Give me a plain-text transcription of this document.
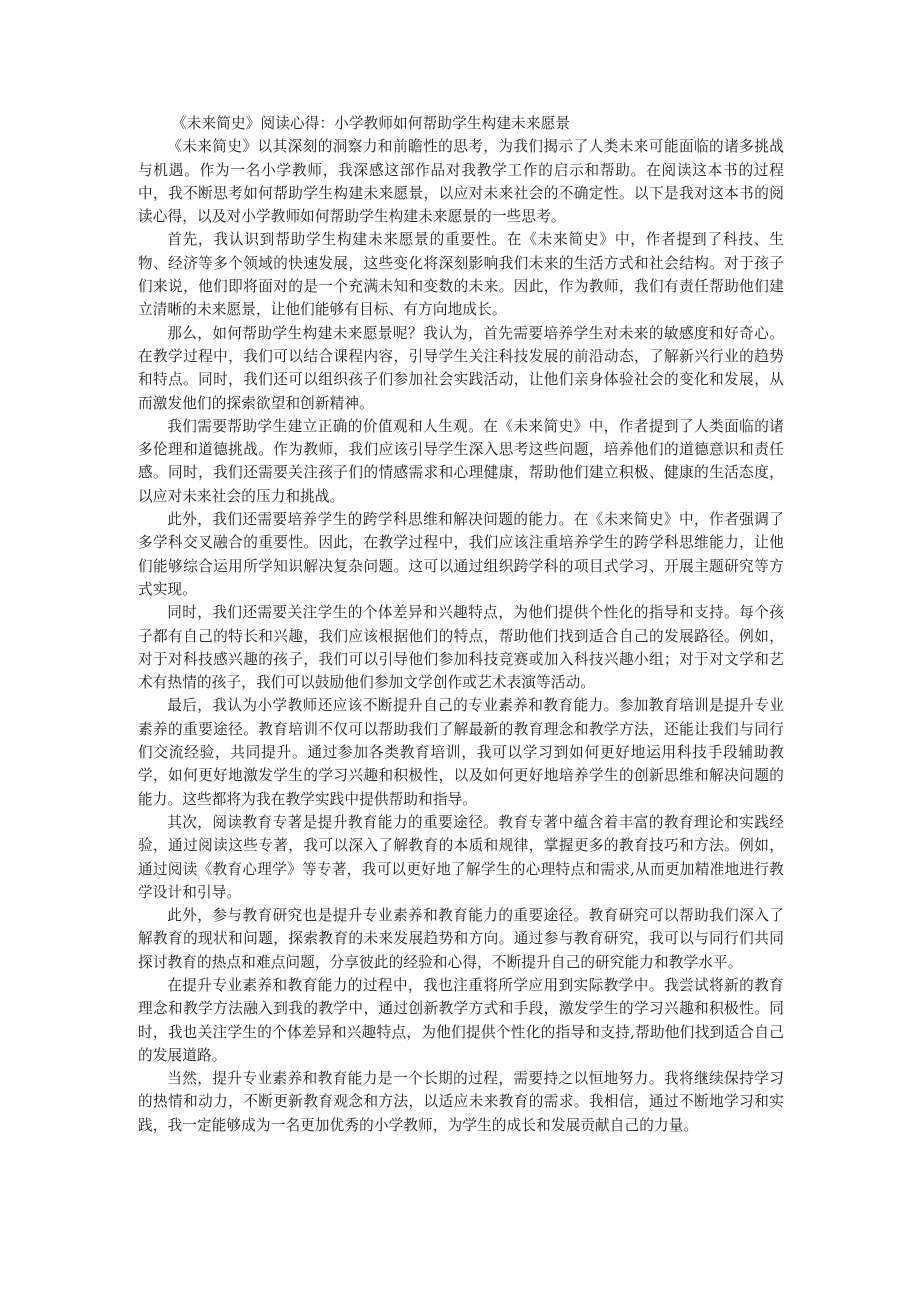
《未来简史》阅读心得：小学教师如何帮助学生构建未来愿景

《未来简史》以其深刻的洞察力和前瞻性的思考，为我们揭示了人类未来可能面临的诸多挑战与机遇。作为一名小学教师，我深感这部作品对我教学工作的启示和帮助。在阅读这本书的过程中，我不断思考如何帮助学生构建未来愿景，以应对未来社会的不确定性。以下是我对这本书的阅读心得，以及对小学教师如何帮助学生构建未来愿景的一些思考。

首先，我认识到帮助学生构建未来愿景的重要性。在《未来简史》中，作者提到了科技、生物、经济等多个领域的快速发展，这些变化将深刻影响我们未来的生活方式和社会结构。对于孩子们来说，他们即将面对的是一个充满未知和变数的未来。因此，作为教师，我们有责任帮助他们建立清晰的未来愿景，让他们能够有目标、有方向地成长。

那么，如何帮助学生构建未来愿景呢？我认为，首先需要培养学生对未来的敏感度和好奇心。在教学过程中，我们可以结合课程内容，引导学生关注科技发展的前沿动态，了解新兴行业的趋势和特点。同时，我们还可以组织孩子们参加社会实践活动，让他们亲身体验社会的变化和发展，从而激发他们的探索欲望和创新精神。

我们需要帮助学生建立正确的价值观和人生观。在《未来简史》中，作者提到了人类面临的诸多伦理和道德挑战。作为教师，我们应该引导学生深入思考这些问题，培养他们的道德意识和责任感。同时，我们还需要关注孩子们的情感需求和心理健康，帮助他们建立积极、健康的生活态度，以应对未来社会的压力和挑战。

此外，我们还需要培养学生的跨学科思维和解决问题的能力。在《未来简史》中，作者强调了多学科交叉融合的重要性。因此，在教学过程中，我们应该注重培养学生的跨学科思维能力，让他们能够综合运用所学知识解决复杂问题。这可以通过组织跨学科的项目式学习、开展主题研究等方式实现。

同时，我们还需要关注学生的个体差异和兴趣特点，为他们提供个性化的指导和支持。每个孩子都有自己的特长和兴趣，我们应该根据他们的特点，帮助他们找到适合自己的发展路径。例如，对于对科技感兴趣的孩子，我们可以引导他们参加科技竞赛或加入科技兴趣小组；对于对文学和艺术有热情的孩子，我们可以鼓励他们参加文学创作或艺术表演等活动。

最后，我认为小学教师还应该不断提升自己的专业素养和教育能力。参加教育培训是提升专业素养的重要途径。教育培训不仅可以帮助我们了解最新的教育理念和教学方法，还能让我们与同行们交流经验，共同提升。通过参加各类教育培训，我可以学习到如何更好地运用科技手段辅助教学，如何更好地激发学生的学习兴趣和积极性，以及如何更好地培养学生的创新思维和解决问题的能力。这些都将为我在教学实践中提供帮助和指导。

其次，阅读教育专著是提升教育能力的重要途径。教育专著中蕴含着丰富的教育理论和实践经验，通过阅读这些专著，我可以深入了解教育的本质和规律，掌握更多的教育技巧和方法。例如，通过阅读《教育心理学》等专著，我可以更好地了解学生的心理特点和需求,从而更加精准地进行教学设计和引导。

此外，参与教育研究也是提升专业素养和教育能力的重要途径。教育研究可以帮助我们深入了解教育的现状和问题，探索教育的未来发展趋势和方向。通过参与教育研究，我可以与同行们共同探讨教育的热点和难点问题，分享彼此的经验和心得，不断提升自己的研究能力和教学水平。

在提升专业素养和教育能力的过程中，我也注重将所学应用到实际教学中。我尝试将新的教育理念和教学方法融入到我的教学中，通过创新教学方式和手段，激发学生的学习兴趣和积极性。同时，我也关注学生的个体差异和兴趣特点，为他们提供个性化的指导和支持,帮助他们找到适合自己的发展道路。

当然，提升专业素养和教育能力是一个长期的过程，需要持之以恒地努力。我将继续保持学习的热情和动力，不断更新教育观念和方法，以适应未来教育的需求。我相信，通过不断地学习和实践，我一定能够成为一名更加优秀的小学教师，为学生的成长和发展贡献自己的力量。
